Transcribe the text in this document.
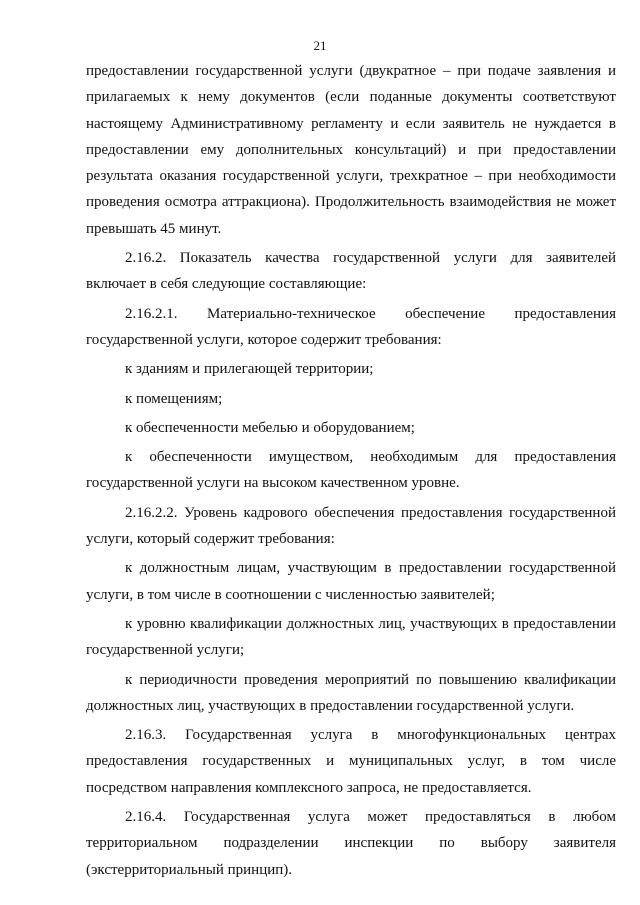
21

предоставлении государственной услуги (двукратное – при подаче заявления и прилагаемых к нему документов (если поданные документы соответствуют настоящему Административному регламенту и если заявитель не нуждается в предоставлении ему дополнительных консультаций) и при предоставлении результата оказания государственной услуги, трехкратное – при необходимости проведения осмотра аттракциона). Продолжительность взаимодействия не может превышать 45 минут.

2.16.2. Показатель качества государственной услуги для заявителей включает в себя следующие составляющие:

2.16.2.1. Материально-техническое обеспечение предоставления государственной услуги, которое содержит требования:

к зданиям и прилегающей территории;

к помещениям;

к обеспеченности мебелью и оборудованием;

к обеспеченности имуществом, необходимым для предоставления государственной услуги на высоком качественном уровне.

2.16.2.2. Уровень кадрового обеспечения предоставления государственной услуги, который содержит требования:

к должностным лицам, участвующим в предоставлении государственной услуги, в том числе в соотношении с численностью заявителей;

к уровню квалификации должностных лиц, участвующих в предоставлении государственной услуги;

к периодичности проведения мероприятий по повышению квалификации должностных лиц, участвующих в предоставлении государственной услуги.

2.16.3. Государственная услуга в многофункциональных центрах предоставления государственных и муниципальных услуг, в том числе посредством направления комплексного запроса, не предоставляется.

2.16.4. Государственная услуга может предоставляться в любом территориальном подразделении инспекции по выбору заявителя (экстерриториальный принцип).
